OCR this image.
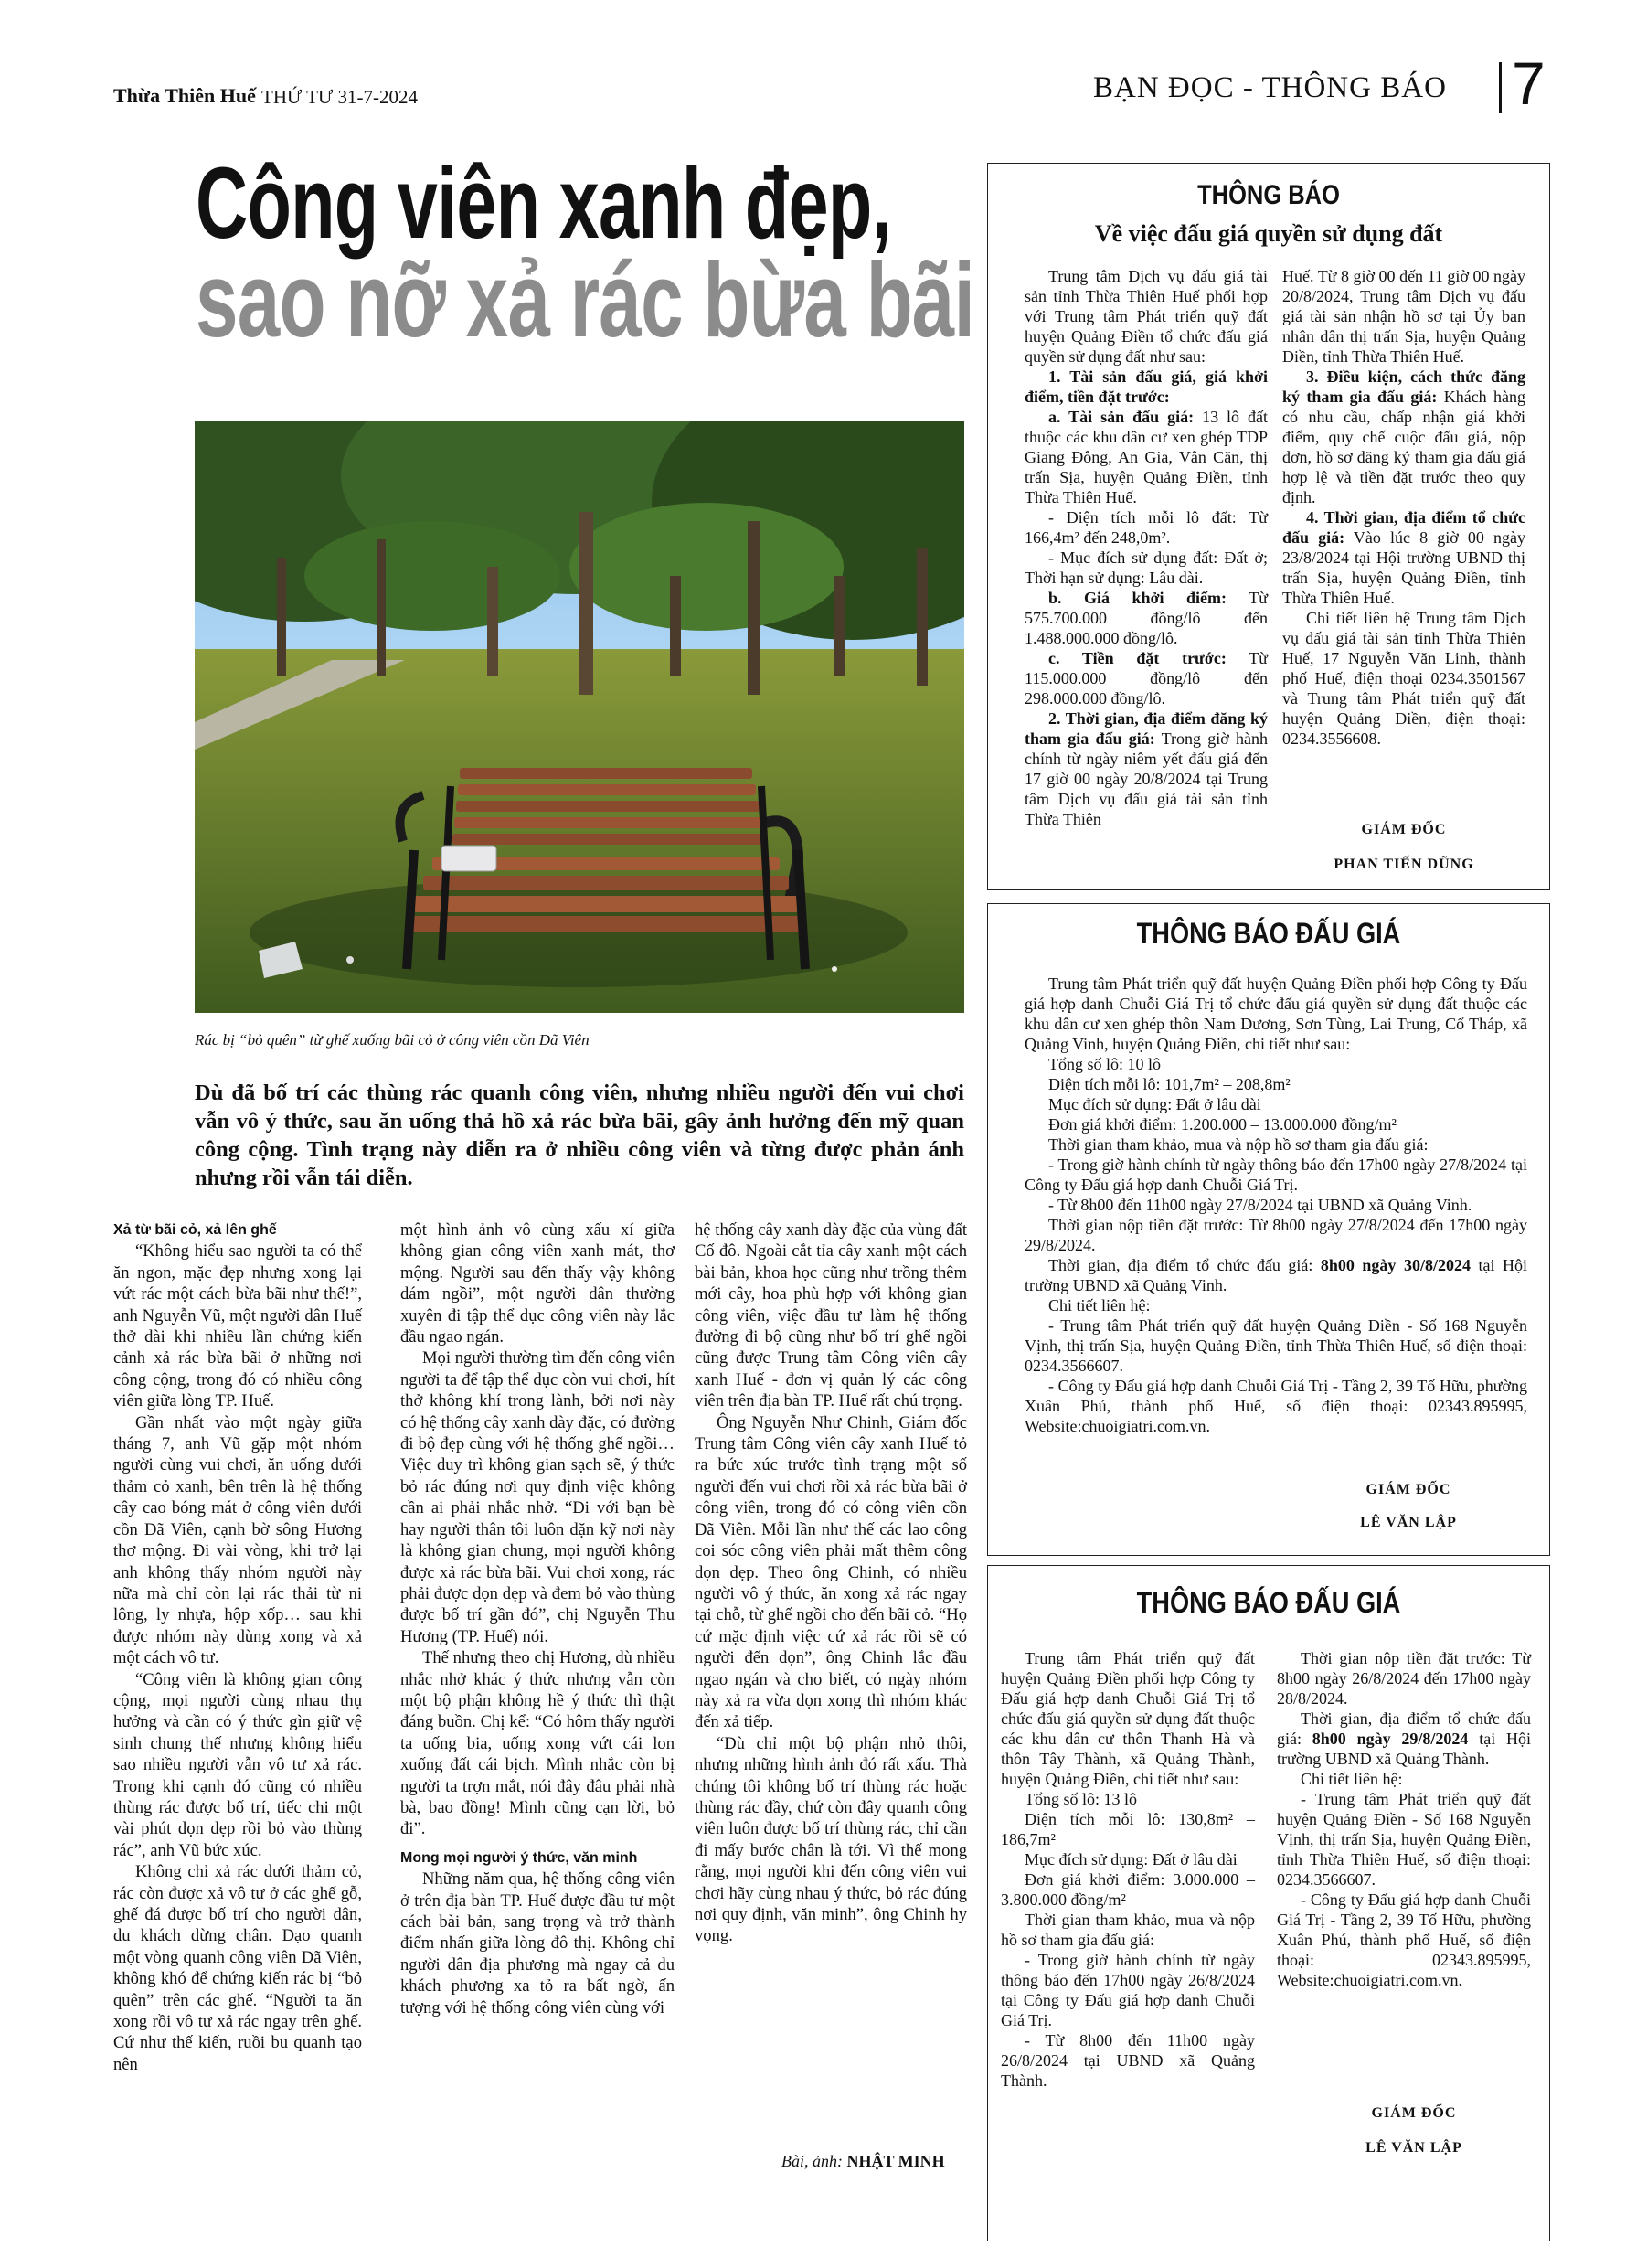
Thừa Thiên Huế THỨ TƯ 31-7-2024	BẠN ĐỌC - THÔNG BÁO 7
Công viên xanh đẹp,
sao nỡ xả rác bừa bãi
Rác bị “bỏ quên” từ ghế xuống bãi cỏ ở công viên cồn Dã Viên
Dù đã bố trí các thùng rác quanh công viên, nhưng nhiều người đến vui chơi vẫn vô ý thức, sau ăn uống thả hồ xả rác bừa bãi, gây ảnh hưởng đến mỹ quan công cộng. Tình trạng này diễn ra ở nhiều công viên và từng được phản ánh nhưng rồi vẫn tái diễn.

Xả từ bãi cỏ, xả lên ghế

“Không hiểu sao người ta có thể ăn ngon, mặc đẹp nhưng xong lại vứt rác một cách bừa bãi như thế!”, anh Nguyễn Vũ, một người dân Huế thở dài khi nhiều lần chứng kiến cảnh xả rác bừa bãi ở những nơi công cộng, trong đó có nhiều công viên giữa lòng TP. Huế.

Gần nhất vào một ngày giữa tháng 7, anh Vũ gặp một nhóm người cùng vui chơi, ăn uống dưới thảm cỏ xanh, bên trên là hệ thống cây cao bóng mát ở công viên dưới cồn Dã Viên, cạnh bờ sông Hương thơ mộng. Đi vài vòng, khi trở lại anh không thấy nhóm người này nữa mà chỉ còn lại rác thải từ ni lông, ly nhựa, hộp xốp… sau khi được nhóm này dùng xong và xả một cách vô tư.

“Công viên là không gian công cộng, mọi người cùng nhau thụ hưởng và cần có ý thức gìn giữ vệ sinh chung thế nhưng không hiểu sao nhiều người vẫn vô tư xả rác. Trong khi cạnh đó cũng có nhiều thùng rác được bố trí, tiếc chi một vài phút dọn dẹp rồi bỏ vào thùng rác”, anh Vũ bức xúc.

Không chỉ xả rác dưới thảm cỏ, rác còn được xả vô tư ở các ghế gỗ, ghế đá được bố trí cho người dân, du khách dừng chân. Dạo quanh một vòng quanh công viên Dã Viên, không khó để chứng kiến rác bị “bỏ quên” trên các ghế. “Người ta ăn xong rồi vô tư xả rác ngay trên ghế. Cứ như thế kiến, ruồi bu quanh tạo nên

một hình ảnh vô cùng xấu xí giữa không gian công viên xanh mát, thơ mộng. Người sau đến thấy vậy không dám ngồi”, một người dân thường xuyên đi tập thể dục công viên này lắc đầu ngao ngán.

Mọi người thường tìm đến công viên người ta để tập thể dục còn vui chơi, hít thở không khí trong lành, bởi nơi này có hệ thống cây xanh dày đặc, có đường đi bộ đẹp cùng với hệ thống ghế ngồi… Việc duy trì không gian sạch sẽ, ý thức bỏ rác đúng nơi quy định việc không cần ai phải nhắc nhở. “Đi với bạn bè hay người thân tôi luôn dặn kỹ nơi này là không gian chung, mọi người không được xả rác bừa bãi. Vui chơi xong, rác phải được dọn dẹp và đem bỏ vào thùng được bố trí gần đó”, chị Nguyễn Thu Hương (TP. Huế) nói.

Thế nhưng theo chị Hương, dù nhiều nhắc nhở khác ý thức nhưng vẫn còn một bộ phận không hề ý thức thì thật đáng buồn. Chị kể: “Có hôm thấy người ta uống bia, uống xong vứt cái lon xuống đất cái bịch. Mình nhắc còn bị người ta trợn mắt, nói đây đâu phải nhà bà, bao đồng! Mình cũng cạn lời, bỏ đi”.

Mong mọi người ý thức, văn minh

Những năm qua, hệ thống công viên ở trên địa bàn TP. Huế được đầu tư một cách bài bản, sang trọng và trở thành điểm nhấn giữa lòng đô thị. Không chỉ người dân địa phương mà ngay cả du khách phương xa tỏ ra bất ngờ, ấn tượng với hệ thống công viên cùng với

hệ thống cây xanh dày đặc của vùng đất Cố đô. Ngoài cắt tỉa cây xanh một cách bài bản, khoa học cũng như trồng thêm mới cây, hoa phù hợp với không gian công viên, việc đầu tư làm hệ thống đường đi bộ cũng như bố trí ghế ngồi cũng được Trung tâm Công viên cây xanh Huế - đơn vị quản lý các công viên trên địa bàn TP. Huế rất chú trọng.

Ông Nguyễn Như Chinh, Giám đốc Trung tâm Công viên cây xanh Huế tỏ ra bức xúc trước tình trạng một số người đến vui chơi rồi xả rác bừa bãi ở công viên, trong đó có công viên cồn Dã Viên. Mỗi lần như thế các lao công coi sóc công viên phải mất thêm công dọn dẹp. Theo ông Chinh, có nhiều người vô ý thức, ăn xong xả rác ngay tại chỗ, từ ghế ngồi cho đến bãi cỏ. “Họ cứ mặc định việc cứ xả rác rồi sẽ có người đến dọn”, ông Chinh lắc đầu ngao ngán và cho biết, có ngày nhóm này xả ra vừa dọn xong thì nhóm khác đến xả tiếp.

“Dù chỉ một bộ phận nhỏ thôi, nhưng những hình ảnh đó rất xấu. Thà chúng tôi không bố trí thùng rác hoặc thùng rác đầy, chứ còn đây quanh công viên luôn được bố trí thùng rác, chỉ cần đi mấy bước chân là tới. Vì thế mong rằng, mọi người khi đến công viên vui chơi hãy cùng nhau ý thức, bỏ rác đúng nơi quy định, văn minh”, ông Chinh hy vọng.

Bài, ảnh: NHẬT MINH
THÔNG BÁO
Về việc đấu giá quyền sử dụng đất

Trung tâm Dịch vụ đấu giá tài sản tỉnh Thừa Thiên Huế phối hợp với Trung tâm Phát triển quỹ đất huyện Quảng Điền tổ chức đấu giá quyền sử dụng đất như sau:

1. Tài sản đấu giá, giá khởi điểm, tiền đặt trước:

a. Tài sản đấu giá: 13 lô đất thuộc các khu dân cư xen ghép TDP Giang Đông, An Gia, Vân Căn, thị trấn Sịa, huyện Quảng Điền, tỉnh Thừa Thiên Huế.

- Diện tích mỗi lô đất: Từ 166,4m² đến 248,0m².

- Mục đích sử dụng đất: Đất ở; Thời hạn sử dụng: Lâu dài.

b. Giá khởi điểm: Từ 575.700.000 đồng/lô đến 1.488.000.000 đồng/lô.

c. Tiền đặt trước: Từ 115.000.000 đồng/lô đến 298.000.000 đồng/lô.

2. Thời gian, địa điểm đăng ký tham gia đấu giá: Trong giờ hành chính từ ngày niêm yết đấu giá đến 17 giờ 00 ngày 20/8/2024 tại Trung tâm Dịch vụ đấu giá tài sản tỉnh Thừa Thiên

Huế. Từ 8 giờ 00 đến 11 giờ 00 ngày 20/8/2024, Trung tâm Dịch vụ đấu giá tài sản nhận hồ sơ tại Ủy ban nhân dân thị trấn Sịa, huyện Quảng Điền, tỉnh Thừa Thiên Huế.

3. Điều kiện, cách thức đăng ký tham gia đấu giá: Khách hàng có nhu cầu, chấp nhận giá khởi điểm, quy chế cuộc đấu giá, nộp đơn, hồ sơ đăng ký tham gia đấu giá hợp lệ và tiền đặt trước theo quy định.

4. Thời gian, địa điểm tổ chức đấu giá: Vào lúc 8 giờ 00 ngày 23/8/2024 tại Hội trường UBND thị trấn Sịa, huyện Quảng Điền, tỉnh Thừa Thiên Huế.

Chi tiết liên hệ Trung tâm Dịch vụ đấu giá tài sản tỉnh Thừa Thiên Huế, 17 Nguyễn Văn Linh, thành phố Huế, điện thoại 0234.3501567 và Trung tâm Phát triển quỹ đất huyện Quảng Điền, điện thoại: 0234.3556608.

GIÁM ĐỐC
PHAN TIẾN DŨNG
THÔNG BÁO ĐẤU GIÁ

Trung tâm Phát triển quỹ đất huyện Quảng Điền phối hợp Công ty Đấu giá hợp danh Chuỗi Giá Trị tổ chức đấu giá quyền sử dụng đất thuộc các khu dân cư xen ghép thôn Nam Dương, Sơn Tùng, Lai Trung, Cổ Tháp, xã Quảng Vinh, huyện Quảng Điền, chi tiết như sau:

Tổng số lô: 10 lô

Diện tích mỗi lô: 101,7m² – 208,8m²

Mục đích sử dụng: Đất ở lâu dài

Đơn giá khởi điểm: 1.200.000 – 13.000.000 đồng/m²

Thời gian tham khảo, mua và nộp hồ sơ tham gia đấu giá:

- Trong giờ hành chính từ ngày thông báo đến 17h00 ngày 27/8/2024 tại Công ty Đấu giá hợp danh Chuỗi Giá Trị.

- Từ 8h00 đến 11h00 ngày 27/8/2024 tại UBND xã Quảng Vinh.

Thời gian nộp tiền đặt trước: Từ 8h00 ngày 27/8/2024 đến 17h00 ngày 29/8/2024.

Thời gian, địa điểm tổ chức đấu giá: 8h00 ngày 30/8/2024 tại Hội trường UBND xã Quảng Vinh.

Chi tiết liên hệ:

- Trung tâm Phát triển quỹ đất huyện Quảng Điền - Số 168 Nguyễn Vịnh, thị trấn Sịa, huyện Quảng Điền, tỉnh Thừa Thiên Huế, số điện thoại: 0234.3566607.

- Công ty Đấu giá hợp danh Chuỗi Giá Trị - Tầng 2, 39 Tố Hữu, phường Xuân Phú, thành phố Huế, số điện thoại: 02343.895995, Website:chuoigiatri.com.vn.

GIÁM ĐỐC
LÊ VĂN LẬP
THÔNG BÁO ĐẤU GIÁ

Trung tâm Phát triển quỹ đất huyện Quảng Điền phối hợp Công ty Đấu giá hợp danh Chuỗi Giá Trị tổ chức đấu giá quyền sử dụng đất thuộc các khu dân cư thôn Thanh Hà và thôn Tây Thành, xã Quảng Thành, huyện Quảng Điền, chi tiết như sau:

Tổng số lô: 13 lô

Diện tích mỗi lô: 130,8m² – 186,7m²

Mục đích sử dụng: Đất ở lâu dài

Đơn giá khởi điểm: 3.000.000 – 3.800.000 đồng/m²

Thời gian tham khảo, mua và nộp hồ sơ tham gia đấu giá:

- Trong giờ hành chính từ ngày thông báo đến 17h00 ngày 26/8/2024 tại Công ty Đấu giá hợp danh Chuỗi Giá Trị.

- Từ 8h00 đến 11h00 ngày 26/8/2024 tại UBND xã Quảng Thành.

Thời gian nộp tiền đặt trước: Từ 8h00 ngày 26/8/2024 đến 17h00 ngày 28/8/2024.

Thời gian, địa điểm tổ chức đấu giá: 8h00 ngày 29/8/2024 tại Hội trường UBND xã Quảng Thành.

Chi tiết liên hệ:

- Trung tâm Phát triển quỹ đất huyện Quảng Điền - Số 168 Nguyễn Vịnh, thị trấn Sịa, huyện Quảng Điền, tỉnh Thừa Thiên Huế, số điện thoại: 0234.3566607.

- Công ty Đấu giá hợp danh Chuỗi Giá Trị - Tầng 2, 39 Tố Hữu, phường Xuân Phú, thành phố Huế, số điện thoại: 02343.895995, Website:chuoigiatri.com.vn.

GIÁM ĐỐC
LÊ VĂN LẬP
